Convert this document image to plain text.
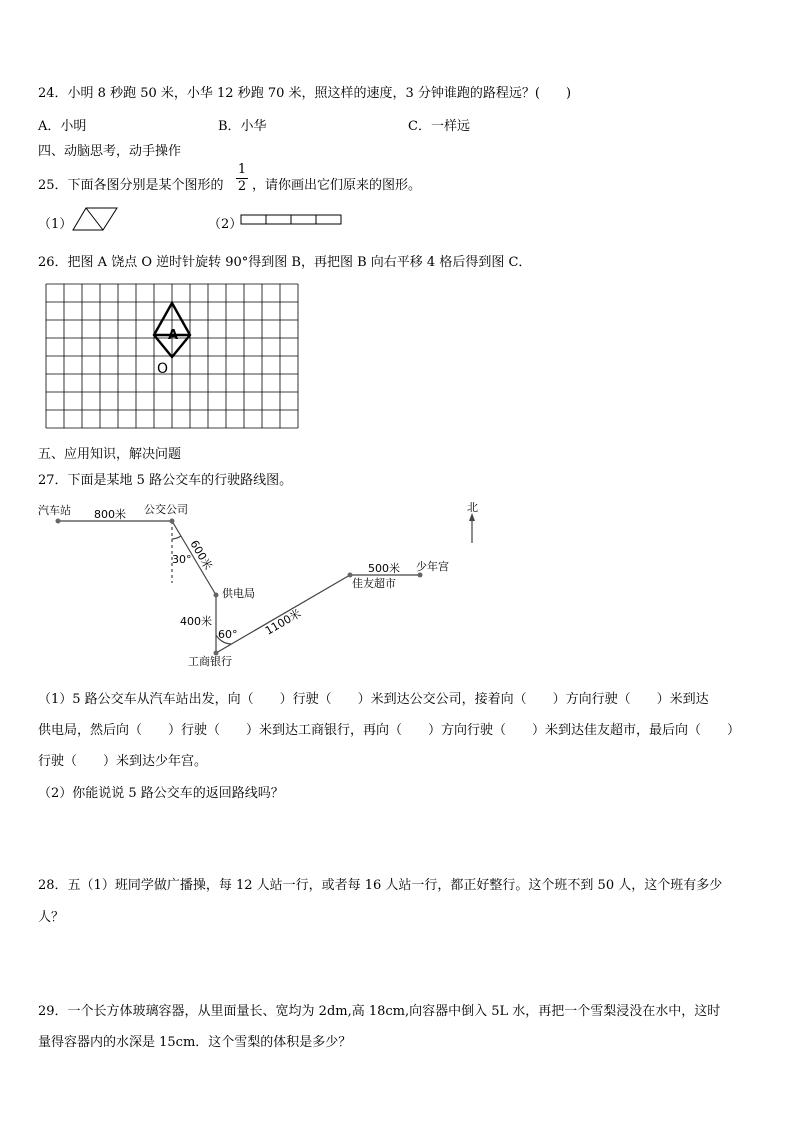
24．小明 8 秒跑 50 米，小华 12 秒跑 70 米，照这样的速度，3 分钟谁跑的路程远？(　　)
A．小明	B．小华	C．一样远
四、动脑思考，动手操作
25．下面各图分别是某个图形的
1
2 ，请你画出它们原来的图形。
（1）	（2）
26．把图 A 饶点 O 逆时针旋转 90°得到图 B，再把图 B 向右平移 4 格后得到图 C．
A
O
五、应用知识，解决问题
27．下面是某地 5 路公交车的行驶路线图。
北
汽车站 800米 公交公司
600米
30°
供电局
400米
60°
工商银行
1100米
佳友超市
500米 少年宫
（1）5 路公交车从汽车站出发，向（　　）行驶（　　）米到达公交公司，接着向（　　）方向行驶（　　）米到达
供电局，然后向（　　）行驶（　　）米到达工商银行，再向（　　）方向行驶（　　）米到达佳友超市，最后向（　　）
行驶（　　）米到达少年宫。
（2）你能说说 5 路公交车的返回路线吗？
28．五（1）班同学做广播操，每 12 人站一行，或者每 16 人站一行，都正好整行。这个班不到 50 人，这个班有多少
人？
29．一个长方体玻璃容器，从里面量长、宽均为 2dm,高 18cm,向容器中倒入 5L 水，再把一个雪梨浸没在水中，这时
量得容器内的水深是 15cm．这个雪梨的体积是多少？
